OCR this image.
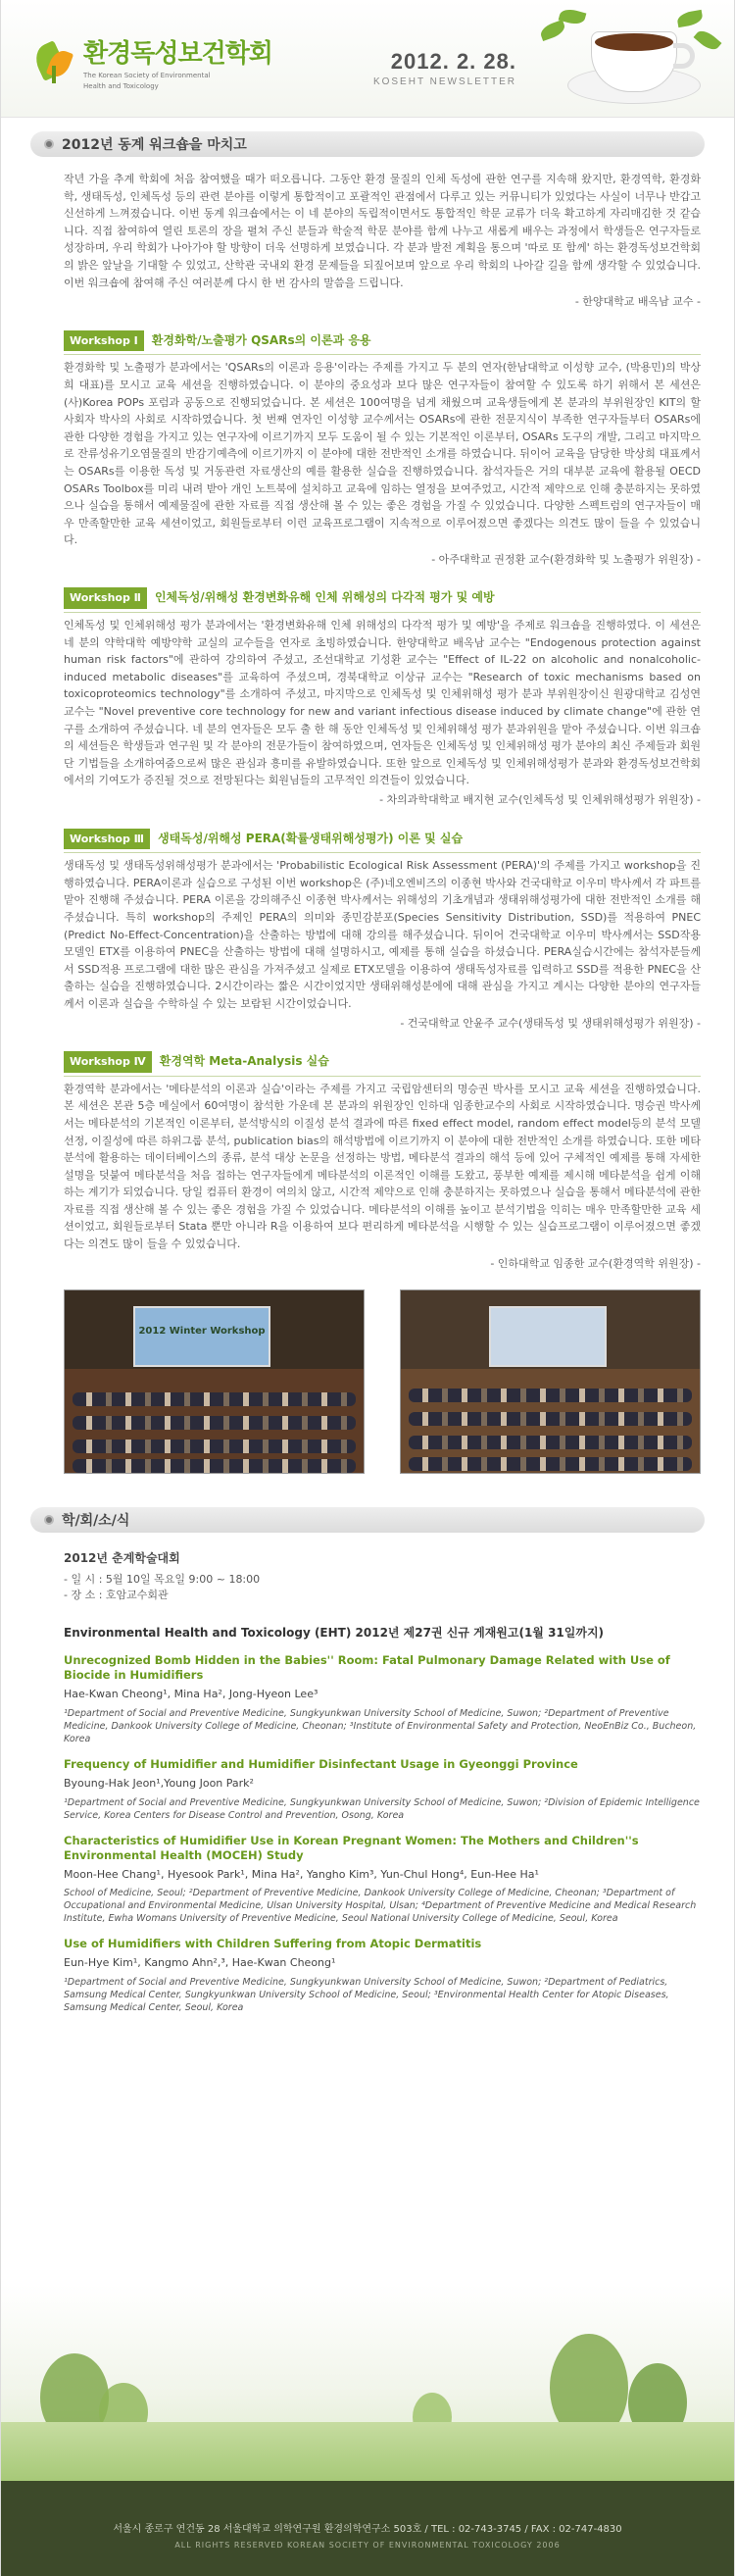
환경독성보건학회
The Korean Society of Environmental
Health and Toxicology
2012. 2. 28.
KOSEHT NEWSLETTER
2012년 동계 워크숍을 마치고

작년 가을 추계 학회에 처음 참여했을 때가 떠오릅니다. 그동안 환경 물질의 인체 독성에 관한 연구를 지속해 왔지만, 환경역학, 환경화학, 생태독성, 인체독성 등의 관련 분야를 이렇게 통합적이고 포괄적인 관점에서 다루고 있는 커뮤니티가 있었다는 사실이 너무나 반갑고 신선하게 느껴졌습니다. 이번 동계 워크숍에서는 이 네 분야의 독립적이면서도 통합적인 학문 교류가 더욱 확고하게 자리매김한 것 같습니다. 직접 참여하여 열린 토론의 장을 펼쳐 주신 분들과 학술적 학문 분야를 함께 나누고 새롭게 배우는 과정에서 학생들은 연구자들로 성장하며, 우리 학회가 나아가야 할 방향이 더욱 선명하게 보였습니다. 각 분과 발전 계획을 통으며 '따로 또 함께' 하는 환경독성보건학회의 밝은 앞날을 기대할 수 있었고, 산학관 국내외 환경 문제들을 되짚어보며 앞으로 우리 학회의 나아갈 길을 함께 생각할 수 있었습니다. 이번 워크숍에 참여해 주신 여러분께 다시 한 번 감사의 말씀을 드립니다.

- 한양대학교 배옥남 교수 -

Workshop Ⅰ	환경화학/노출평가 QSARs의 이론과 응용

환경화학 및 노출평가 분과에서는 'QSARs의 이론과 응용'이라는 주제를 가지고 두 분의 연자(한남대학교 이성향 교수, (박용민)의 박상희 대표)를 모시고 교육 세션을 진행하였습니다. 이 분야의 중요성과 보다 많은 연구자들이 참여할 수 있도록 하기 위해서 본 세션은 (사)Korea POPs 포럼과 공동으로 진행되었습니다. 본 세션은 100여명을 넘게 채웠으며 교육생들에게 본 분과의 부위원장인 KIT의 할 사회자 박사의 사회로 시작하였습니다. 첫 번째 연자인 이성향 교수께서는 OSARs에 관한 전문지식이 부족한 연구자들부터 OSARs에 관한 다양한 경험을 가지고 있는 연구자에 이르기까지 모두 도움이 될 수 있는 기본적인 이론부터, OSARs 도구의 개발, 그리고 마지막으로 잔류성유기오염물질의 반감기예측에 이르기까지 이 분야에 대한 전반적인 소개를 하였습니다. 뒤이어 교육을 담당한 박상희 대표께서는 OSARs를 이용한 독성 및 거동관련 자료생산의 예를 활용한 실습을 진행하였습니다. 참석자들은 거의 대부분 교육에 활용될 OECD OSARs Toolbox를 미리 내려 받아 개인 노트북에 설치하고 교육에 임하는 열정을 보여주었고, 시간적 제약으로 인해 충분하지는 못하였으나 실습을 통해서 예제물질에 관한 자료를 직접 생산해 볼 수 있는 좋은 경험을 가질 수 있었습니다. 다양한 스펙트럼의 연구자들이 매우 만족할만한 교육 세션이었고, 회원들로부터 이런 교육프로그램이 지속적으로 이루어졌으면 좋겠다는 의견도 많이 들을 수 있었습니다.

- 아주대학교 권정환 교수(환경화학 및 노출평가 위원장) -

Workshop Ⅱ	인체독성/위해성 환경변화유해 인체 위해성의 다각적 평가 및 예방

인체독성 및 인체위해성 평가 분과에서는 '환경변화유해 인체 위해성의 다각적 평가 및 예방'을 주제로 워크숍을 진행하였다. 이 세션은 네 분의 약학대학 예방약학 교실의 교수들을 연자로 초빙하였습니다. 한양대학교 배옥남 교수는 "Endogenous protection against human risk factors"에 관하여 강의하여 주셨고, 조선대학교 기성환 교수는 "Effect of IL-22 on alcoholic and nonalcoholic-induced metabolic diseases"를 교육하여 주셨으며, 경북대학교 이상규 교수는 "Research of toxic mechanisms based on toxicoproteomics technology"를 소개하여 주셨고, 마지막으로 인체독성 및 인체위해성 평가 분과 부위원장이신 원광대학교 김성연 교수는 "Novel preventive core technology for new and variant infectious disease induced by climate change"에 관한 연구를 소개하여 주셨습니다. 네 분의 연자들은 모두 출 한 해 동안 인체독성 및 인체위해성 평가 분과위원을 맡아 주셨습니다. 이번 워크숍의 세션들은 학생들과 연구원 및 각 분야의 전문가들이 참여하였으며, 연자들은 인체독성 및 인체위해성 평가 분야의 최신 주제들과 회원단 기법들을 소개하여줌으로써 많은 관심과 흥미를 유발하였습니다. 또한 앞으로 인체독성 및 인체위해성평가 분과와 환경독성보건학회에서의 기여도가 증진될 것으로 전망된다는 회원님들의 고무적인 의견들이 있었습니다.

- 차의과학대학교 배지현 교수(인체독성 및 인체위해성평가 위원장) -

Workshop Ⅲ	생태독성/위해성 PERA(확률생태위해성평가) 이론 및 실습

생태독성 및 생태독성위해성평가 분과에서는 'Probabilistic Ecological Risk Assessment (PERA)'의 주제를 가지고 workshop을 진행하였습니다. PERA이론과 실습으로 구성된 이번 workshop은 (주)네오엔비즈의 이종현 박사와 건국대학교 이우미 박사께서 각 파트를 맡아 진행해 주셨습니다. PERA 이론을 강의해주신 이종현 박사께서는 위해성의 기초개념과 생태위해성평가에 대한 전반적인 소개를 해주셨습니다. 특히 workshop의 주제인 PERA의 의미와 종민감분포(Species Sensitivity Distribution, SSD)를 적용하여 PNEC (Predict No-Effect-Concentration)을 산출하는 방법에 대해 강의를 해주셨습니다. 뒤이어 건국대학교 이우미 박사께서는 SSD작용 모델인 ETX를 이용하여 PNEC을 산출하는 방법에 대해 설명하시고, 예제를 통해 실습을 하셨습니다. PERA실습시간에는 참석자분들께서 SSD적용 프로그램에 대한 많은 관심을 가져주셨고 실제로 ETX모델을 이용하여 생태독성자료를 입력하고 SSD를 적용한 PNEC을 산출하는 실습을 진행하였습니다. 2시간이라는 짧은 시간이었지만 생태위해성분에에 대해 관심을 가지고 계시는 다양한 분야의 연구자들께서 이론과 실습을 수학하실 수 있는 보람된 시간이었습니다.

- 건국대학교 안윤주 교수(생태독성 및 생태위해성평가 위원장) -

Workshop Ⅳ	환경역학 Meta-Analysis 실습

환경역학 분과에서는 '메타분석의 이론과 실습'이라는 주제를 가지고 국립암센터의 명승권 박사를 모시고 교육 세션을 진행하였습니다. 본 세션은 본관 5층 메실에서 60여명이 참석한 가운데 본 분과의 위원장인 인하대 임종한교수의 사회로 시작하였습니다. 명승권 박사께서는 메타분석의 기본적인 이론부터, 분석방식의 이질성 분석 결과에 따른 fixed effect model, random effect model등의 분석 모델 선정, 이질성에 따른 하위그룹 분석, publication bias의 해석방법에 이르기까지 이 분야에 대한 전반적인 소개를 하였습니다. 또한 메타분석에 활용하는 데이터베이스의 종류, 분석 대상 논문을 선정하는 방법, 메타분석 결과의 해석 등에 있어 구체적인 예제를 통해 자세한 설명을 덧붙여 메타분석을 처음 접하는 연구자들에게 메타분석의 이론적인 이해를 도왔고, 풍부한 예제를 제시해 메타분석을 쉽게 이해하는 계기가 되었습니다. 당일 컴퓨터 환경이 여의치 않고, 시간적 제약으로 인해 충분하지는 못하였으나 실습을 통해서 메타분석에 관한 자료를 직접 생산해 볼 수 있는 좋은 경험을 가질 수 있었습니다. 메타분석의 이해를 높이고 분석기법을 익히는 매우 만족할만한 교육 세션이었고, 회원들로부터 Stata 뿐만 아니라 R을 이용하여 보다 편리하게 메타분석을 시행할 수 있는 실습프로그램이 이루어졌으면 좋겠다는 의견도 많이 들을 수 있었습니다.

- 인하대학교 임종한 교수(환경역학 위원장) -

2012 Winter Workshop
학/회/소/식
2012년 춘계학술대회
- 일 시 : 5월 10일 목요일 9:00 ~ 18:00
- 장 소 : 호암교수회관
Environmental Health and Toxicology (EHT) 2012년 제27권 신규 게재원고(1월 31일까지)
Unrecognized Bomb Hidden in the Babies'' Room: Fatal Pulmonary Damage Related with Use of Biocide in Humidifiers
Hae-Kwan Cheong¹, Mina Ha², Jong-Hyeon Lee³
¹Department of Social and Preventive Medicine, Sungkyunkwan University School of Medicine, Suwon; ²Department of Preventive Medicine, Dankook University College of Medicine, Cheonan; ³Institute of Environmental Safety and Protection, NeoEnBiz Co., Bucheon, Korea
Frequency of Humidifier and Humidifier Disinfectant Usage in Gyeonggi Province
Byoung-Hak Jeon¹,Young Joon Park²
¹Department of Social and Preventive Medicine, Sungkyunkwan University School of Medicine, Suwon; ²Division of Epidemic Intelligence Service, Korea Centers for Disease Control and Prevention, Osong, Korea
Characteristics of Humidifier Use in Korean Pregnant Women: The Mothers and Children''s Environmental Health (MOCEH) Study
Moon-Hee Chang¹, Hyesook Park¹, Mina Ha², Yangho Kim³, Yun-Chul Hong⁴, Eun-Hee Ha¹
School of Medicine, Seoul; ²Department of Preventive Medicine, Dankook University College of Medicine, Cheonan; ³Department of Occupational and Environmental Medicine, Ulsan University Hospital, Ulsan; ⁴Department of Preventive Medicine and Medical Research Institute, Ewha Womans University of Preventive Medicine, Seoul National University College of Medicine, Seoul, Korea
Use of Humidifiers with Children Suffering from Atopic Dermatitis
Eun-Hye Kim¹, Kangmo Ahn²,³, Hae-Kwan Cheong¹
¹Department of Social and Preventive Medicine, Sungkyunkwan University School of Medicine, Suwon; ²Department of Pediatrics, Samsung Medical Center, Sungkyunkwan University School of Medicine, Seoul; ³Environmental Health Center for Atopic Diseases, Samsung Medical Center, Seoul, Korea
서울시 종로구 연건동 28 서울대학교 의학연구원 환경의학연구소 503호 / TEL : 02-743-3745 / FAX : 02-747-4830
ALL RIGHTS RESERVED KOREAN SOCIETY OF ENVIRONMENTAL TOXICOLOGY 2006
